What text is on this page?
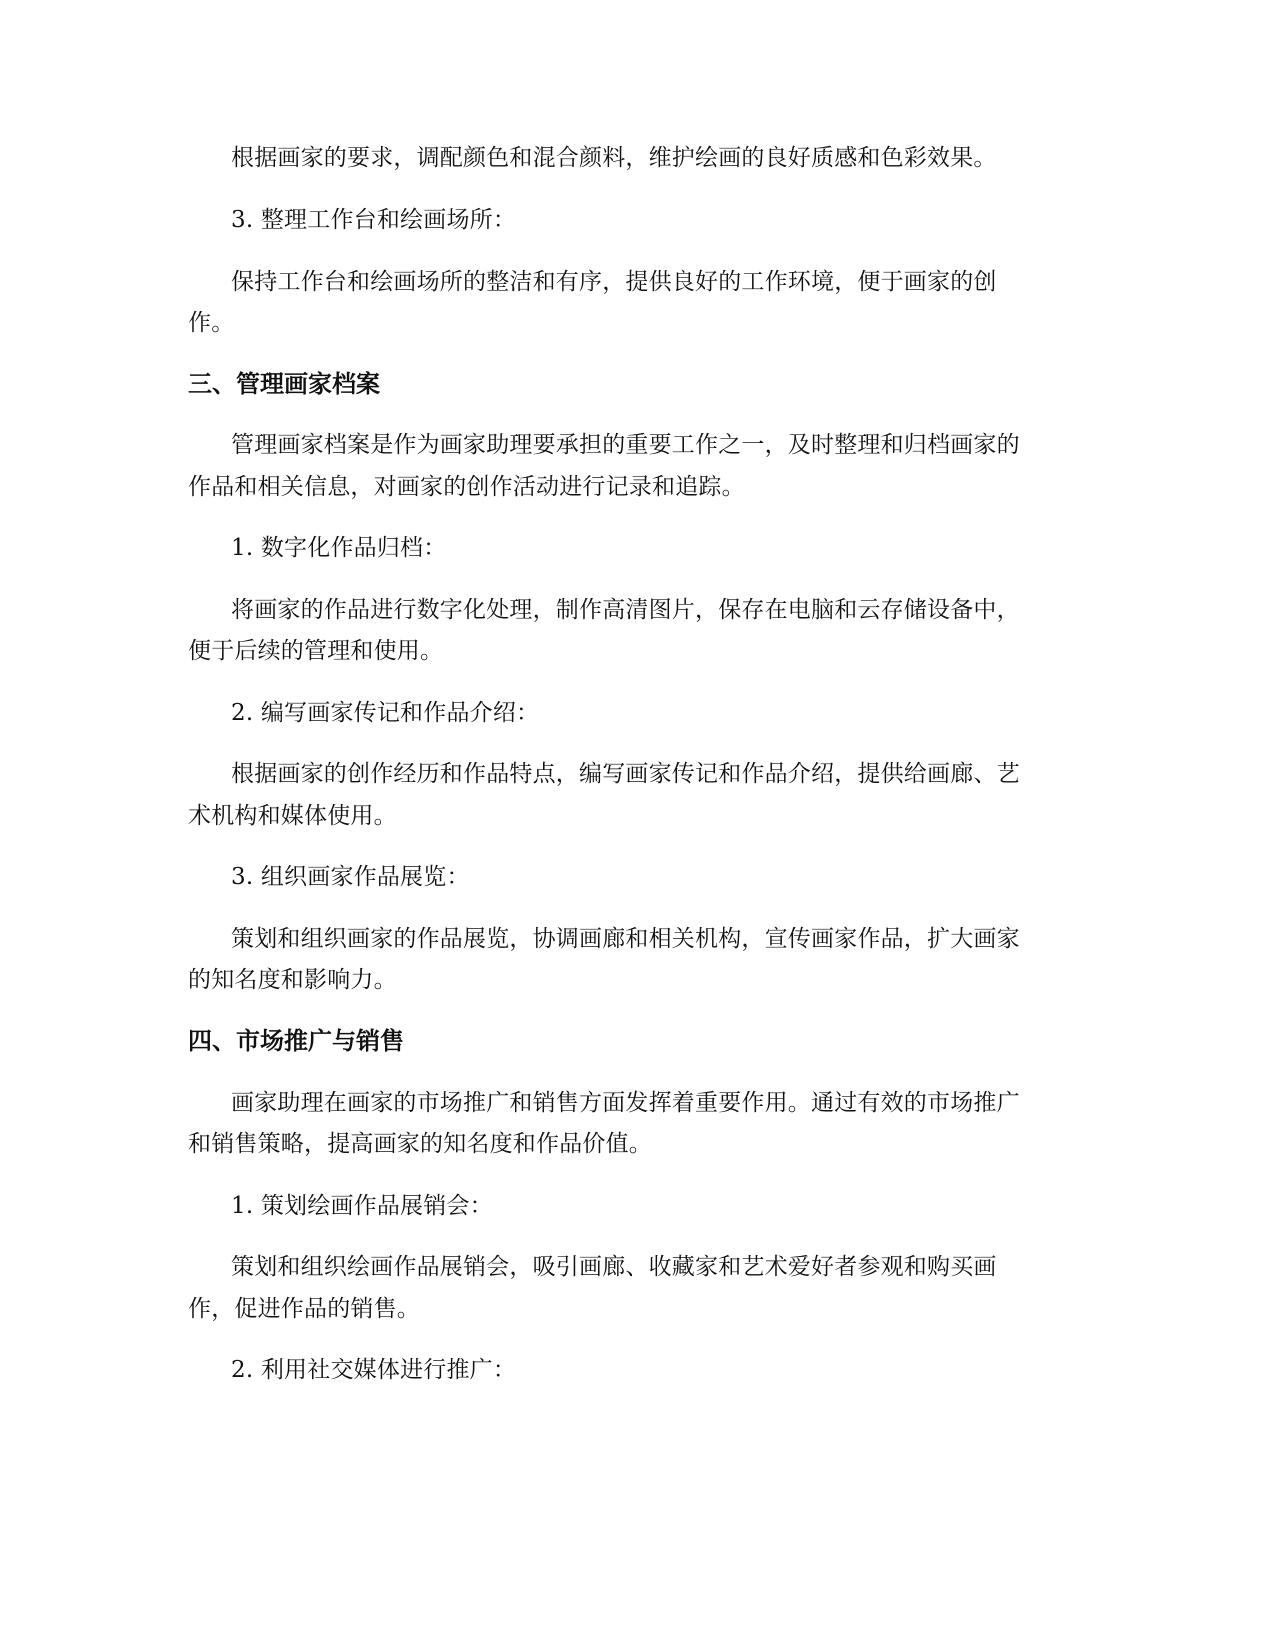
根据画家的要求，调配颜色和混合颜料，维护绘画的良好质感和色彩效果。
3. 整理工作台和绘画场所：
保持工作台和绘画场所的整洁和有序，提供良好的工作环境，便于画家的创
作。
三、管理画家档案
管理画家档案是作为画家助理要承担的重要工作之一，及时整理和归档画家的
作品和相关信息，对画家的创作活动进行记录和追踪。
1. 数字化作品归档：
将画家的作品进行数字化处理，制作高清图片，保存在电脑和云存储设备中，
便于后续的管理和使用。
2. 编写画家传记和作品介绍：
根据画家的创作经历和作品特点，编写画家传记和作品介绍，提供给画廊、艺
术机构和媒体使用。
3. 组织画家作品展览：
策划和组织画家的作品展览，协调画廊和相关机构，宣传画家作品，扩大画家
的知名度和影响力。
四、市场推广与销售
画家助理在画家的市场推广和销售方面发挥着重要作用。通过有效的市场推广
和销售策略，提高画家的知名度和作品价值。
1. 策划绘画作品展销会：
策划和组织绘画作品展销会，吸引画廊、收藏家和艺术爱好者参观和购买画
作，促进作品的销售。
2. 利用社交媒体进行推广：
